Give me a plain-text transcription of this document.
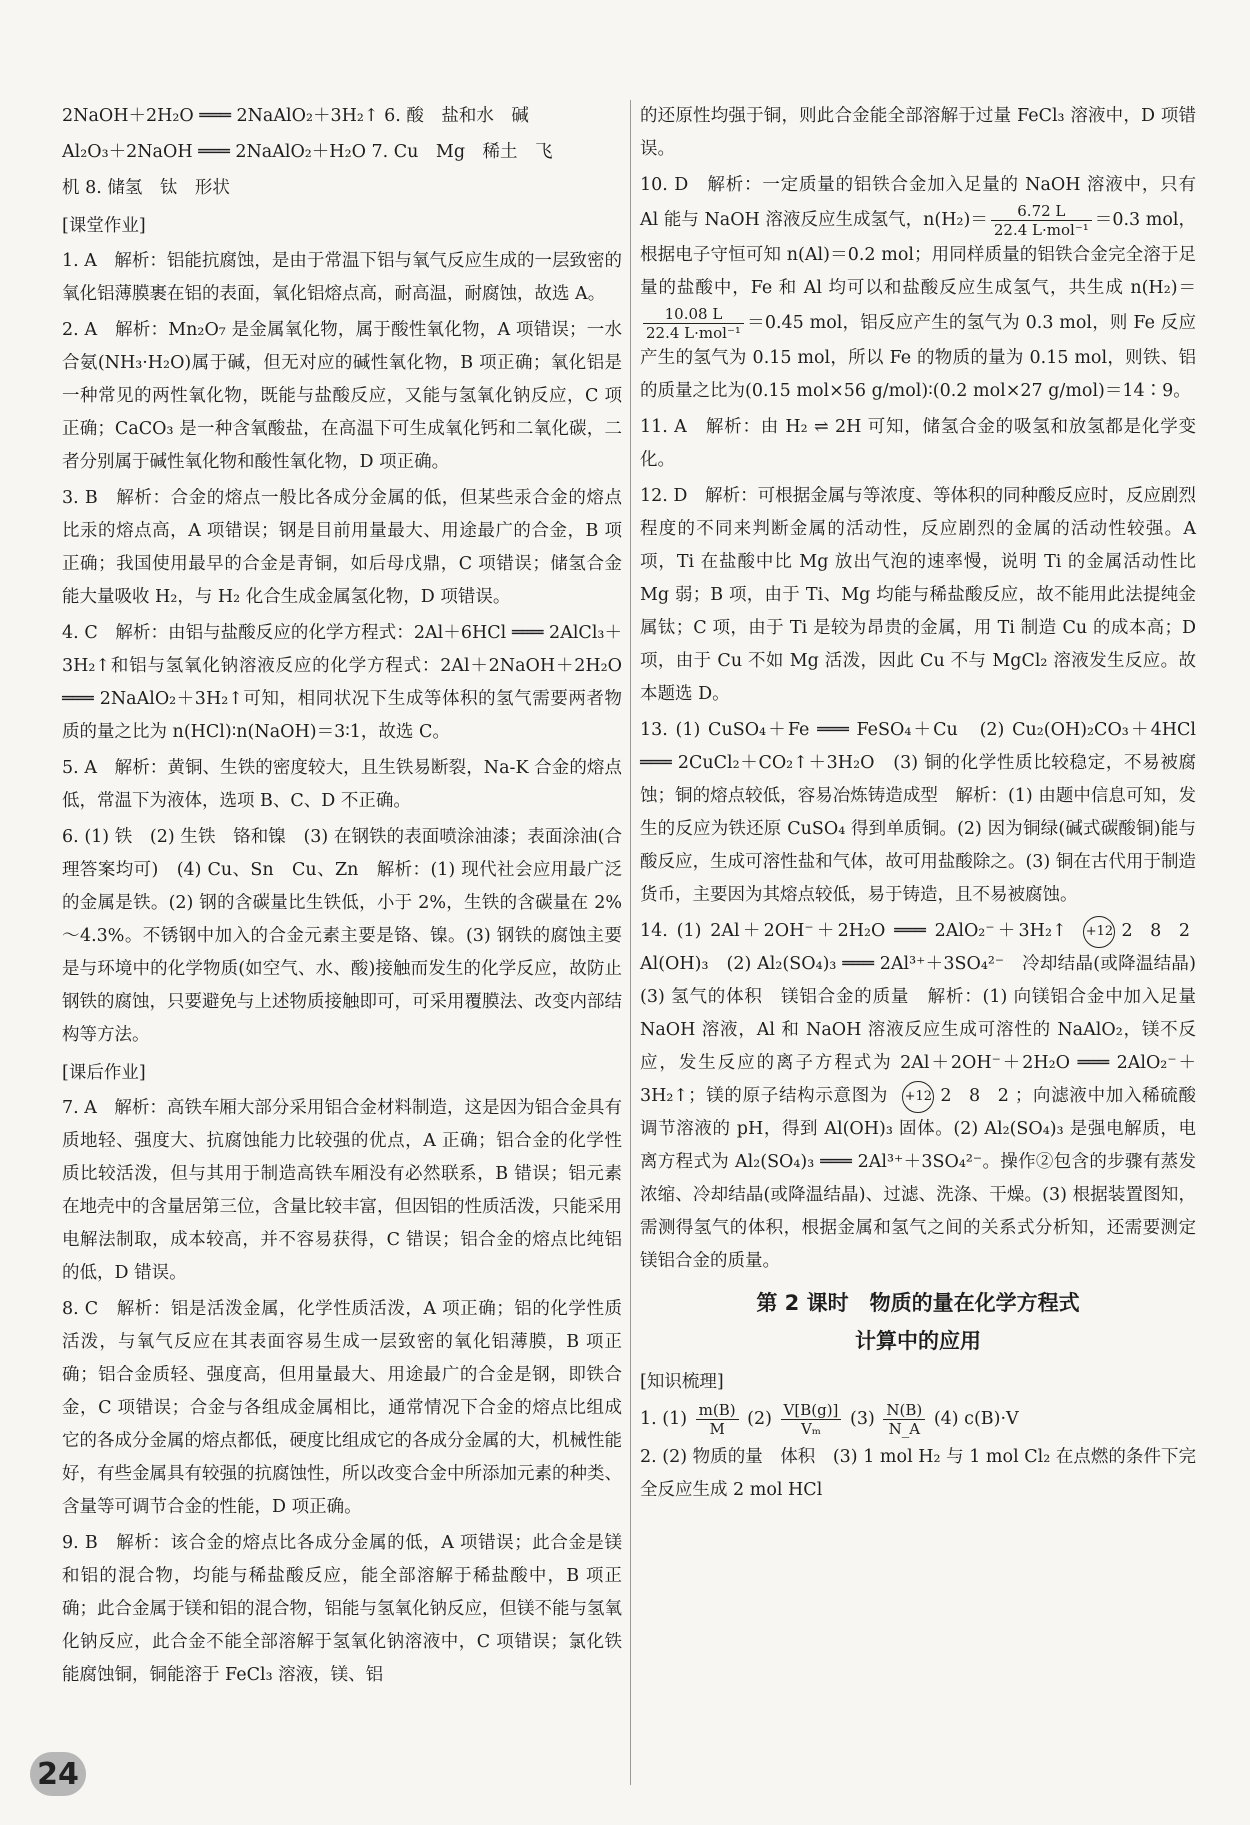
2NaOH＋2H₂O ═══ 2NaAlO₂＋3H₂↑ 6. 酸　盐和水　碱

Al₂O₃＋2NaOH ═══ 2NaAlO₂＋H₂O 7. Cu　Mg　稀土　飞

机 8. 储氢　钛　形状

[课堂作业]

1. A　解析：铝能抗腐蚀，是由于常温下铝与氧气反应生成的一层致密的氧化铝薄膜裹在铝的表面，氧化铝熔点高，耐高温，耐腐蚀，故选 A。

2. A　解析：Mn₂O₇ 是金属氧化物，属于酸性氧化物，A 项错误；一水合氨(NH₃·H₂O)属于碱，但无对应的碱性氧化物，B 项正确；氧化铝是一种常见的两性氧化物，既能与盐酸反应，又能与氢氧化钠反应，C 项正确；CaCO₃ 是一种含氧酸盐，在高温下可生成氧化钙和二氧化碳，二者分别属于碱性氧化物和酸性氧化物，D 项正确。

3. B　解析：合金的熔点一般比各成分金属的低，但某些汞合金的熔点比汞的熔点高，A 项错误；钢是目前用量最大、用途最广的合金，B 项正确；我国使用最早的合金是青铜，如后母戊鼎，C 项错误；储氢合金能大量吸收 H₂，与 H₂ 化合生成金属氢化物，D 项错误。

4. C　解析：由铝与盐酸反应的化学方程式：2Al＋6HCl ═══ 2AlCl₃＋3H₂↑和铝与氢氧化钠溶液反应的化学方程式：2Al＋2NaOH＋2H₂O ═══ 2NaAlO₂＋3H₂↑可知，相同状况下生成等体积的氢气需要两者物质的量之比为 n(HCl)∶n(NaOH)＝3∶1，故选 C。

5. A　解析：黄铜、生铁的密度较大，且生铁易断裂，Na-K 合金的熔点低，常温下为液体，选项 B、C、D 不正确。

6. (1) 铁　(2) 生铁　铬和镍　(3) 在钢铁的表面喷涂油漆；表面涂油(合理答案均可)　(4) Cu、Sn　Cu、Zn　解析：(1) 现代社会应用最广泛的金属是铁。(2) 钢的含碳量比生铁低，小于 2%，生铁的含碳量在 2%～4.3%。不锈钢中加入的合金元素主要是铬、镍。(3) 钢铁的腐蚀主要是与环境中的化学物质(如空气、水、酸)接触而发生的化学反应，故防止钢铁的腐蚀，只要避免与上述物质接触即可，可采用覆膜法、改变内部结构等方法。

[课后作业]

7. A　解析：高铁车厢大部分采用铝合金材料制造，这是因为铝合金具有质地轻、强度大、抗腐蚀能力比较强的优点，A 正确；铝合金的化学性质比较活泼，但与其用于制造高铁车厢没有必然联系，B 错误；铝元素在地壳中的含量居第三位，含量比较丰富，但因铝的性质活泼，只能采用电解法制取，成本较高，并不容易获得，C 错误；铝合金的熔点比纯铝的低，D 错误。

8. C　解析：铝是活泼金属，化学性质活泼，A 项正确；铝的化学性质活泼，与氧气反应在其表面容易生成一层致密的氧化铝薄膜，B 项正确；铝合金质轻、强度高，但用量最大、用途最广的合金是钢，即铁合金，C 项错误；合金与各组成金属相比，通常情况下合金的熔点比组成它的各成分金属的熔点都低，硬度比组成它的各成分金属的大，机械性能好，有些金属具有较强的抗腐蚀性，所以改变合金中所添加元素的种类、含量等可调节合金的性能，D 项正确。

9. B　解析：该合金的熔点比各成分金属的低，A 项错误；此合金是镁和铝的混合物，均能与稀盐酸反应，能全部溶解于稀盐酸中，B 项正确；此合金属于镁和铝的混合物，铝能与氢氧化钠反应，但镁不能与氢氧化钠反应，此合金不能全部溶解于氢氧化钠溶液中，C 项错误；氯化铁能腐蚀铜，铜能溶于 FeCl₃ 溶液，镁、铝

的还原性均强于铜，则此合金能全部溶解于过量 FeCl₃ 溶液中，D 项错误。

10. D　解析：一定质量的铝铁合金加入足量的 NaOH 溶液中，只有 Al 能与 NaOH 溶液反应生成氢气，$n(H_2)= \frac{6.72 L}{\text{22.4 L·mol⁻¹}} =0.3$ mol，根据电子守恒可知 n(Al)＝0.2 mol；用同样质量的铝铁合金完全溶于足量的盐酸中，Fe 和 Al 均可以和盐酸反应生成氢气，共生成 n(H₂)＝
$\frac{10.08 L}{\text{22.4 L·mol⁻¹}} =0.45$ mol，铝反应产生的氢气为 0.3 mol，则 Fe 反应产生的氢气为 0.15 mol，所以 Fe 的物质的量为 0.15 mol，则铁、铝的质量之比为(0.15 mol×56 g/mol)∶(0.2 mol×27 g/mol)＝14∶9。

11. A　解析：由 H₂ ⇌ 2H 可知，储氢合金的吸氢和放氢都是化学变化。

12. D　解析：可根据金属与等浓度、等体积的同种酸反应时，反应剧烈程度的不同来判断金属的活动性，反应剧烈的金属的活动性较强。A 项，Ti 在盐酸中比 Mg 放出气泡的速率慢，说明 Ti 的金属活动性比 Mg 弱；B 项，由于 Ti、Mg 均能与稀盐酸反应，故不能用此法提纯金属钛；C 项，由于 Ti 是较为昂贵的金属，用 Ti 制造 Cu 的成本高；D 项，由于 Cu 不如 Mg 活泼，因此 Cu 不与 MgCl₂ 溶液发生反应。故本题选 D。

13. (1) CuSO₄＋Fe ═══ FeSO₄＋Cu　(2) Cu₂(OH)₂CO₃＋4HCl ═══ 2CuCl₂＋CO₂↑＋3H₂O　(3) 铜的化学性质比较稳定，不易被腐蚀；铜的熔点较低，容易冶炼铸造成型　解析：(1) 由题中信息可知，发生的反应为铁还原 CuSO₄ 得到单质铜。(2) 因为铜绿(碱式碳酸铜)能与酸反应，生成可溶性盐和气体，故可用盐酸除之。(3) 铜在古代用于制造货币，主要因为其熔点较低，易于铸造，且不易被腐蚀。

14. (1) 2Al＋2OH⁻＋2H₂O ═══ 2AlO₂⁻＋3H₂↑ +12 2 8 2
Al(OH)₃　(2) Al₂(SO₄)₃ ═══ 2Al³⁺＋3SO₄²⁻　冷却结晶(或降温结晶)　(3) 氢气的体积　镁铝合金的质量　解析：(1) 向镁铝合金中加入足量 NaOH 溶液，Al 和 NaOH 溶液反应生成可溶性的 NaAlO₂，镁不反应，发生反应的离子方程式为 2Al＋2OH⁻＋2H₂O ═══ 2AlO₂⁻＋3H₂↑；镁的原子结构示意图为 +12 2 8 2 ；向滤液中加入稀硫酸调节溶液的 pH，得到 Al(OH)₃ 固体。(2) Al₂(SO₄)₃ 是强电解质，电离方程式为 Al₂(SO₄)₃ ═══ 2Al³⁺＋3SO₄²⁻。操作②包含的步骤有蒸发浓缩、冷却结晶(或降温结晶)、过滤、洗涤、干燥。(3) 根据装置图知，需测得氢气的体积，根据金属和氢气之间的关系式分析知，还需要测定镁铝合金的质量。

第 2 课时　物质的量在化学方程式
计算中的应用
[知识梳理]

1. $(1) \frac{m(B)}{M} (2) \frac{V[B(g)]}{\text{Vₘ}} (3) \frac{N(B)}{N\_A} (4)$ c(B)·V

2. (2) 物质的量　体积　(3) 1 mol H₂ 与 1 mol Cl₂ 在点燃的条件下完全反应生成 2 mol HCl

24
